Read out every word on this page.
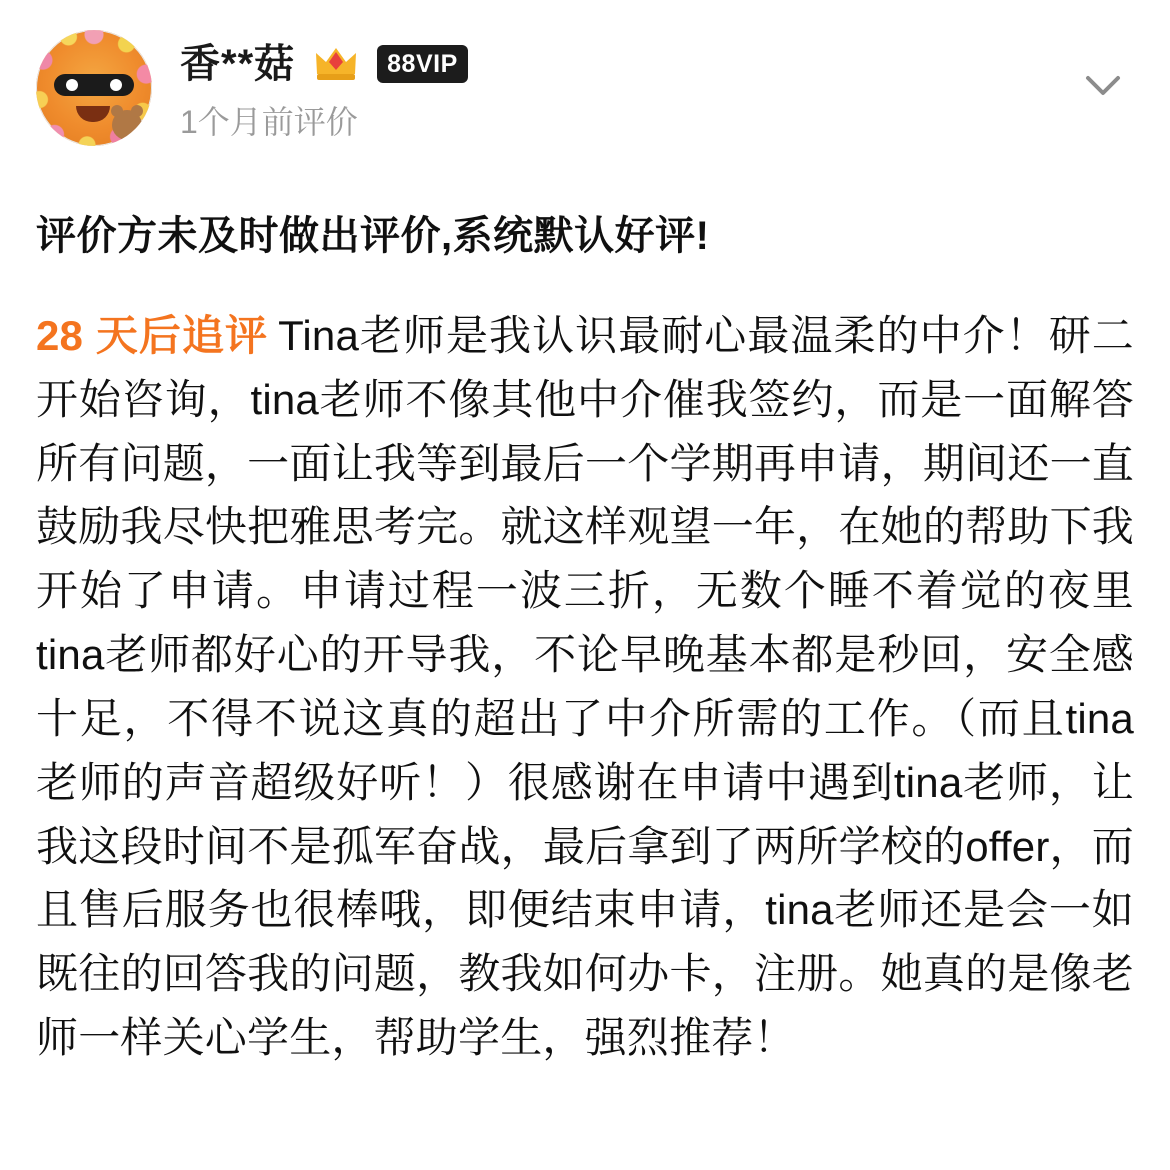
香**菇	88VIP
1个月前评价

评价方未及时做出评价,系统默认好评!

28 天后追评 Tina老师是我认识最耐心最温柔的中介！研二开始咨询，tina老师不像其他中介催我签约，而是一面解答所有问题，一面让我等到最后一个学期再申请，期间还一直鼓励我尽快把雅思考完。就这样观望一年，在她的帮助下我开始了申请。申请过程一波三折，无数个睡不着觉的夜里tina老师都好心的开导我，不论早晚基本都是秒回，安全感十足，不得不说这真的超出了中介所需的工作。（而且tina老师的声音超级好听！）很感谢在申请中遇到tina老师，让我这段时间不是孤军奋战，最后拿到了两所学校的offer，而且售后服务也很棒哦，即便结束申请，tina老师还是会一如既往的回答我的问题，教我如何办卡，注册。她真的是像老师一样关心学生，帮助学生，强烈推荐！
